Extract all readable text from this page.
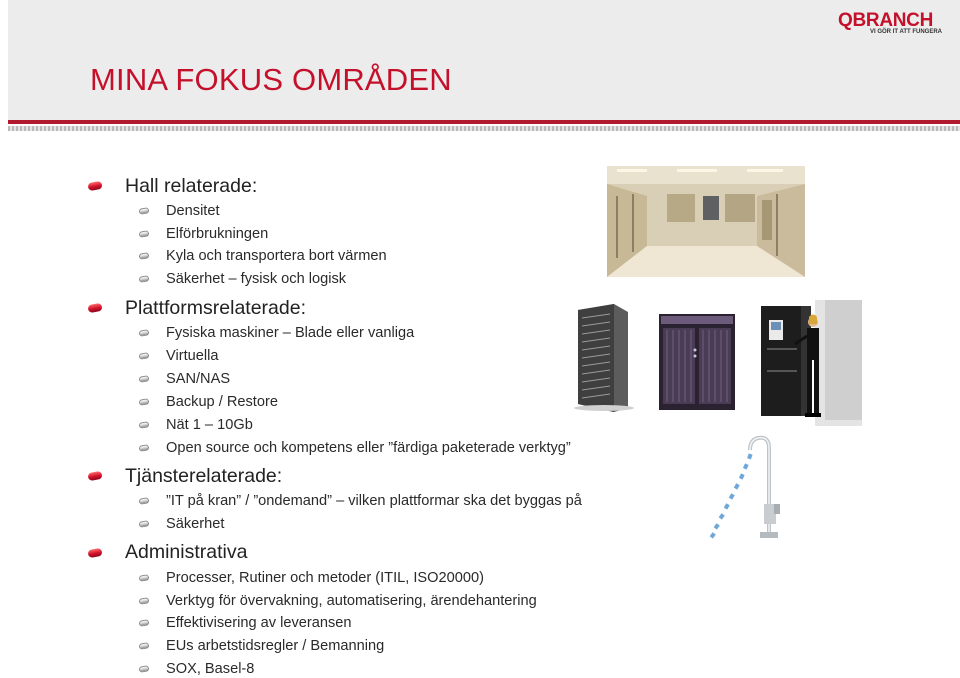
MINA FOKUS OMRÅDEN
QBRANCH
VI GÖR IT ATT FUNGERA
Hall relaterade:
Densitet
Elförbrukningen
Kyla och transportera bort värmen
Säkerhet – fysisk och logisk
Plattformsrelaterade:
Fysiska maskiner – Blade eller vanliga
Virtuella
SAN/NAS
Backup / Restore
Nät 1 – 10Gb
Open source och kompetens eller ”färdiga paketerade verktyg”
Tjänsterelaterade:
”IT på kran” / ”ondemand” – vilken plattformar ska det byggas på
Säkerhet
Administrativa
Processer, Rutiner och metoder (ITIL, ISO20000)
Verktyg för övervakning, automatisering, ärendehantering
Effektivisering av leveransen
EUs arbetstidsregler / Bemanning
SOX, Basel-8
